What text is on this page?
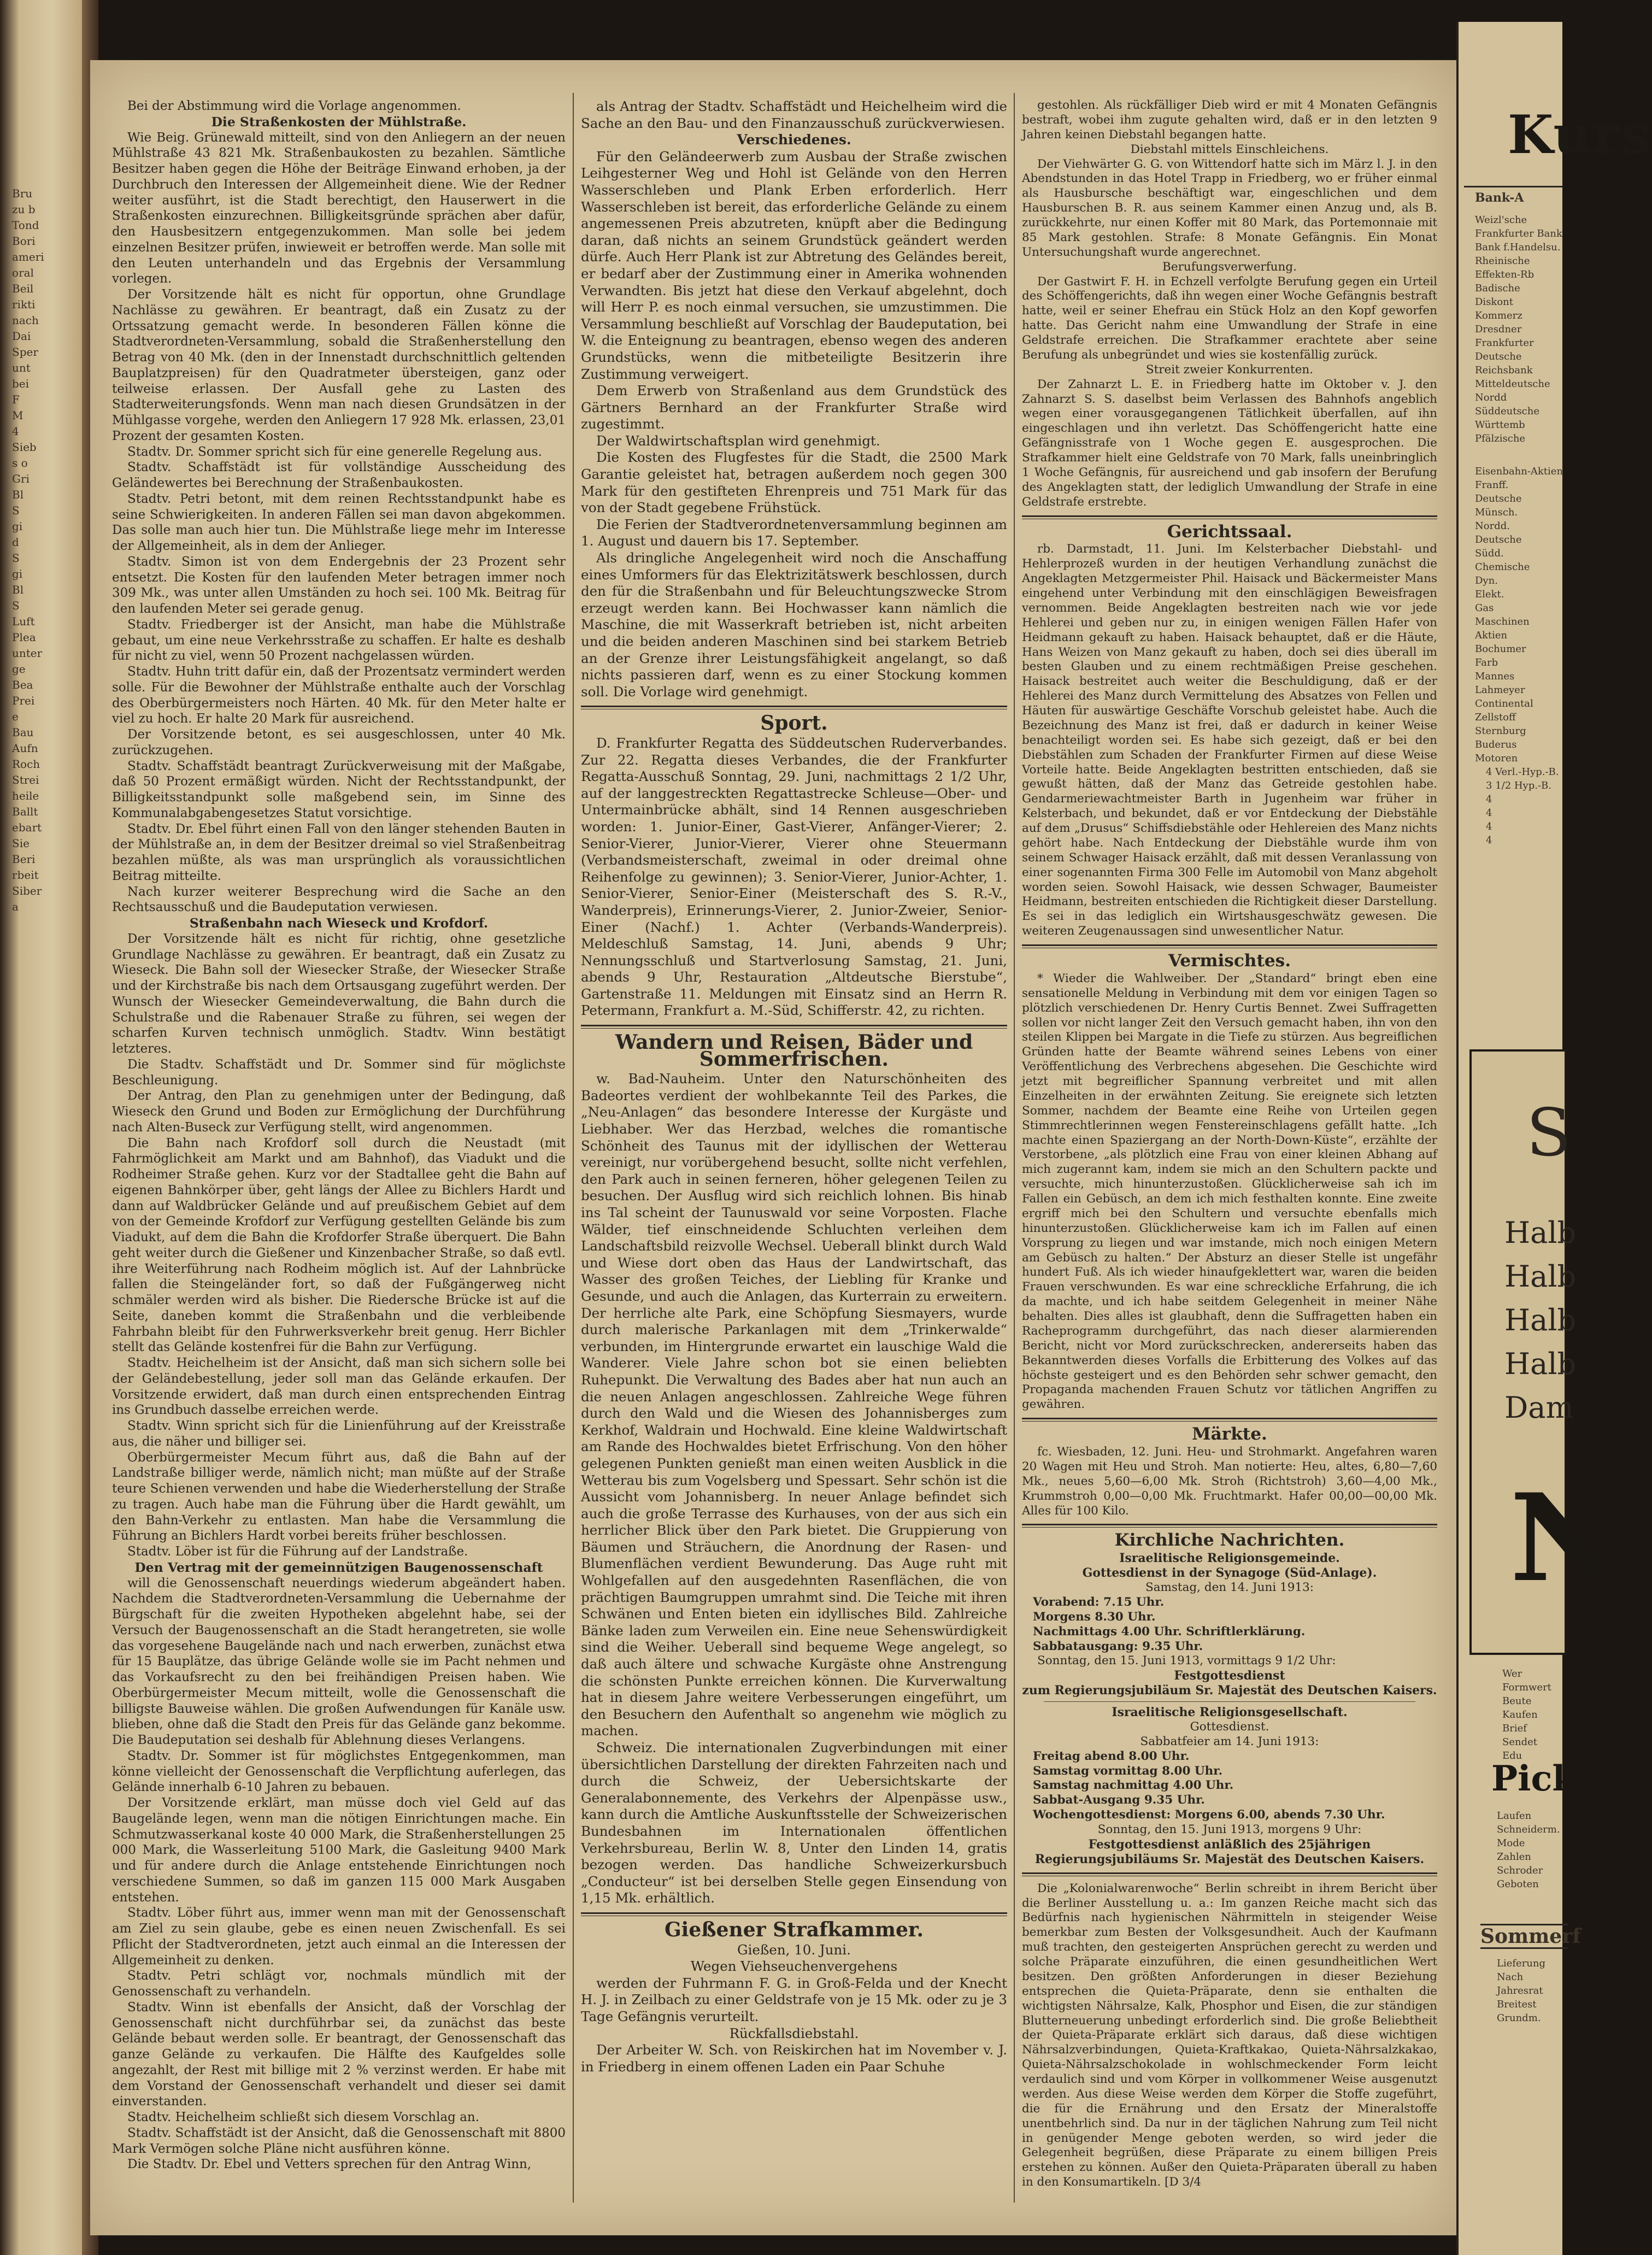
Bru
zu b
Tond
Bori
ameri
oral
Beil
rikti
nach
Dai
Sper
unt
bei
F
M
4
Sieb
s o
Gri
Bl
S
gi
d
S
gi
Bl
S
Luft
Plea
unter
ge
Bea
Prei
e
Bau
Aufn
Roch
Strei
heile
Ballt
ebart
Sie
Beri
rbeit
Siber
a

Bei der Abstimmung wird die Vorlage angenommen.

Die Straßenkosten der Mühlstraße.

Wie Beig. Grünewald mitteilt, sind von den Anliegern an der neuen Mühlstraße 43 821 Mk. Straßenbaukosten zu bezahlen. Sämtliche Besitzer haben gegen die Höhe der Beiträge Einwand erhoben, ja der Durchbruch den Interessen der Allgemeinheit diene. Wie der Redner weiter ausführt, ist die Stadt berechtigt, den Hauserwert in die Straßenkosten einzurechnen. Billigkeitsgründe sprächen aber dafür, den Hausbesitzern entgegenzukommen. Man solle bei jedem einzelnen Besitzer prüfen, inwieweit er betroffen werde. Man solle mit den Leuten unterhandeln und das Ergebnis der Versammlung vorlegen.

Der Vorsitzende hält es nicht für opportun, ohne Grundlage Nachlässe zu gewähren. Er beantragt, daß ein Zusatz zu der Ortssatzung gemacht werde. In besonderen Fällen könne die Stadtverordneten-Versammlung, sobald die Straßenherstellung den Betrag von 40 Mk. (den in der Innenstadt durchschnittlich geltenden Bauplatzpreisen) für den Quadratmeter übersteigen, ganz oder teilweise erlassen. Der Ausfall gehe zu Lasten des Stadterweiterungsfonds. Wenn man nach diesen Grundsätzen in der Mühlgasse vorgehe, werden den Anliegern 17 928 Mk. erlassen, 23,01 Prozent der gesamten Kosten.

Stadtv. Dr. Sommer spricht sich für eine generelle Regelung aus.

Stadtv. Schaffstädt ist für vollständige Ausscheidung des Geländewertes bei Berechnung der Straßenbaukosten.

Stadtv. Petri betont, mit dem reinen Rechtsstandpunkt habe es seine Schwierigkeiten. In anderen Fällen sei man davon abgekommen. Das solle man auch hier tun. Die Mühlstraße liege mehr im Interesse der Allgemeinheit, als in dem der Anlieger.

Stadtv. Simon ist von dem Endergebnis der 23 Prozent sehr entsetzt. Die Kosten für den laufenden Meter betragen immer noch 309 Mk., was unter allen Umständen zu hoch sei. 100 Mk. Beitrag für den laufenden Meter sei gerade genug.

Stadtv. Friedberger ist der Ansicht, man habe die Mühlstraße gebaut, um eine neue Verkehrsstraße zu schaffen. Er halte es deshalb für nicht zu viel, wenn 50 Prozent nachgelassen würden.

Stadtv. Huhn tritt dafür ein, daß der Prozentsatz vermindert werden solle. Für die Bewohner der Mühlstraße enthalte auch der Vorschlag des Oberbürgermeisters noch Härten. 40 Mk. für den Meter halte er viel zu hoch. Er halte 20 Mark für ausreichend.

Der Vorsitzende betont, es sei ausgeschlossen, unter 40 Mk. zurückzugehen.

Stadtv. Schaffstädt beantragt Zurückverweisung mit der Maßgabe, daß 50 Prozent ermäßigt würden. Nicht der Rechtsstandpunkt, der Billigkeitsstandpunkt solle maßgebend sein, im Sinne des Kommunalabgabengesetzes Statut vorsichtige.

Stadtv. Dr. Ebel führt einen Fall von den länger stehenden Bauten in der Mühlstraße an, in dem der Besitzer dreimal so viel Straßenbeitrag bezahlen müßte, als was man ursprünglich als voraussichtlichen Beitrag mitteilte.

Nach kurzer weiterer Besprechung wird die Sache an den Rechtsausschuß und die Baudeputation verwiesen.

Straßenbahn nach Wieseck und Krofdorf.

Der Vorsitzende hält es nicht für richtig, ohne gesetzliche Grundlage Nachlässe zu gewähren. Er beantragt, daß ein Zusatz zu Wieseck. Die Bahn soll der Wiesecker Straße, der Wiesecker Straße und der Kirchstraße bis nach dem Ortsausgang zugeführt werden. Der Wunsch der Wiesecker Gemeindeverwaltung, die Bahn durch die Schulstraße und die Rabenauer Straße zu führen, sei wegen der scharfen Kurven technisch unmöglich. Stadtv. Winn bestätigt letzteres.

Die Stadtv. Schaffstädt und Dr. Sommer sind für möglichste Beschleunigung.

Der Antrag, den Plan zu genehmigen unter der Bedingung, daß Wieseck den Grund und Boden zur Ermöglichung der Durchführung nach Alten-Buseck zur Verfügung stellt, wird angenommen.

Die Bahn nach Krofdorf soll durch die Neustadt (mit Fahrmöglichkeit am Markt und am Bahnhof), das Viadukt und die Rodheimer Straße gehen. Kurz vor der Stadtallee geht die Bahn auf eigenen Bahnkörper über, geht längs der Allee zu Bichlers Hardt und dann auf Waldbrücker Gelände und auf preußischem Gebiet auf dem von der Gemeinde Krofdorf zur Verfügung gestellten Gelände bis zum Viadukt, auf dem die Bahn die Krofdorfer Straße überquert. Die Bahn geht weiter durch die Gießener und Kinzenbacher Straße, so daß evtl. ihre Weiterführung nach Rodheim möglich ist. Auf der Lahnbrücke fallen die Steingeländer fort, so daß der Fußgängerweg nicht schmäler werden wird als bisher. Die Riedersche Brücke ist auf die Seite, daneben kommt die Straßenbahn und die verbleibende Fahrbahn bleibt für den Fuhrwerksverkehr breit genug. Herr Bichler stellt das Gelände kostenfrei für die Bahn zur Verfügung.

Stadtv. Heichelheim ist der Ansicht, daß man sich sichern solle bei der Geländebestellung, jeder soll man das Gelände erkaufen. Der Vorsitzende erwidert, daß man durch einen entsprechenden Eintrag ins Grundbuch dasselbe erreichen werde.

Stadtv. Winn spricht sich für die Linienführung auf der Kreisstraße aus, die näher und billiger sei.

Oberbürgermeister Mecum führt aus, daß die Bahn auf der Landstraße billiger werde, nämlich nicht; man müßte auf der Straße teure Schienen verwenden und habe die Wiederherstellung der Straße zu tragen. Auch habe man die Führung über die Hardt gewählt, um den Bahn-Verkehr zu entlasten. Man habe die Versammlung die Führung an Bichlers Hardt vorbei bereits früher beschlossen.

Stadtv. Löber ist für die Führung auf der Landstraße.

Den Vertrag mit der gemeinnützigen Baugenossenschaft

will die Genossenschaft neuerdings wiederum abgeändert haben. Nachdem die Stadtverordneten-Versammlung die Uebernahme der Bürgschaft für die zweiten Hypotheken abgelehnt habe, sei der Versuch der Baugenossenschaft an die Stadt herangetreten, sie wolle das vorgesehene Baugelände nach und nach erwerben, zunächst etwa für 15 Bauplätze, das übrige Gelände wolle sie im Pacht nehmen und das Vorkaufsrecht zu den bei freihändigen Preisen haben. Wie Oberbürgermeister Mecum mitteilt, wolle die Genossenschaft die billigste Bauweise wählen. Die großen Aufwendungen für Kanäle usw. blieben, ohne daß die Stadt den Preis für das Gelände ganz bekomme. Die Baudeputation sei deshalb für Ablehnung dieses Verlangens.

Stadtv. Dr. Sommer ist für möglichstes Entgegenkommen, man könne vielleicht der Genossenschaft die Verpflichtung auferlegen, das Gelände innerhalb 6-10 Jahren zu bebauen.

Der Vorsitzende erklärt, man müsse doch viel Geld auf das Baugelände legen, wenn man die nötigen Einrichtungen mache. Ein Schmutzwasserkanal koste 40 000 Mark, die Straßenherstellungen 25 000 Mark, die Wasserleitung 5100 Mark, die Gasleitung 9400 Mark und für andere durch die Anlage entstehende Einrichtungen noch verschiedene Summen, so daß im ganzen 115 000 Mark Ausgaben entstehen.

Stadtv. Löber führt aus, immer wenn man mit der Genossenschaft am Ziel zu sein glaube, gebe es einen neuen Zwischenfall. Es sei Pflicht der Stadtverordneten, jetzt auch einmal an die Interessen der Allgemeinheit zu denken.

Stadtv. Petri schlägt vor, nochmals mündlich mit der Genossenschaft zu verhandeln.

Stadtv. Winn ist ebenfalls der Ansicht, daß der Vorschlag der Genossenschaft nicht durchführbar sei, da zunächst das beste Gelände bebaut werden solle. Er beantragt, der Genossenschaft das ganze Gelände zu verkaufen. Die Hälfte des Kaufgeldes solle angezahlt, der Rest mit billige mit 2 % verzinst werden. Er habe mit dem Vorstand der Genossenschaft verhandelt und dieser sei damit einverstanden.

Stadtv. Heichelheim schließt sich diesem Vorschlag an.

Stadtv. Schaffstädt ist der Ansicht, daß die Genossenschaft mit 8800 Mark Vermögen solche Pläne nicht ausführen könne.

Die Stadtv. Dr. Ebel und Vetters sprechen für den Antrag Winn,

als Antrag der Stadtv. Schaffstädt und Heichelheim wird die Sache an den Bau- und den Finanzausschuß zurückverwiesen.

Verschiedenes.

Für den Geländeerwerb zum Ausbau der Straße zwischen Leihgesterner Weg und Hohl ist Gelände von den Herren Wasserschleben und Plank Erben erforderlich. Herr Wasserschleben ist bereit, das erforderliche Gelände zu einem angemessenen Preis abzutreten, knüpft aber die Bedingung daran, daß nichts an seinem Grundstück geändert werden dürfe. Auch Herr Plank ist zur Abtretung des Geländes bereit, er bedarf aber der Zustimmung einer in Amerika wohnenden Verwandten. Bis jetzt hat diese den Verkauf abgelehnt, doch will Herr P. es noch einmal versuchen, sie umzustimmen. Die Versammlung beschließt auf Vorschlag der Baudeputation, bei W. die Enteignung zu beantragen, ebenso wegen des anderen Grundstücks, wenn die mitbeteiligte Besitzerin ihre Zustimmung verweigert.

Dem Erwerb von Straßenland aus dem Grundstück des Gärtners Bernhard an der Frankfurter Straße wird zugestimmt.

Der Waldwirtschaftsplan wird genehmigt.

Die Kosten des Flugfestes für die Stadt, die 2500 Mark Garantie geleistet hat, betragen außerdem noch gegen 300 Mark für den gestifteten Ehrenpreis und 751 Mark für das von der Stadt gegebene Frühstück.

Die Ferien der Stadtverordnetenversammlung beginnen am 1. August und dauern bis 17. September.

Als dringliche Angelegenheit wird noch die Anschaffung eines Umformers für das Elektrizitätswerk beschlossen, durch den für die Straßenbahn und für Beleuchtungszwecke Strom erzeugt werden kann. Bei Hochwasser kann nämlich die Maschine, die mit Wasserkraft betrieben ist, nicht arbeiten und die beiden anderen Maschinen sind bei starkem Betrieb an der Grenze ihrer Leistungsfähigkeit angelangt, so daß nichts passieren darf, wenn es zu einer Stockung kommen soll. Die Vorlage wird genehmigt.

Sport.

D. Frankfurter Regatta des Süddeutschen Ruderverbandes. Zur 22. Regatta dieses Verbandes, die der Frankfurter Regatta-Ausschuß Sonntag, 29. Juni, nachmittags 2 1/2 Uhr, auf der langgestreckten Regattastrecke Schleuse—Ober- und Untermainbrücke abhält, sind 14 Rennen ausgeschrieben worden: 1. Junior-Einer, Gast-Vierer, Anfänger-Vierer; 2. Senior-Vierer, Junior-Vierer, Vierer ohne Steuermann (Verbandsmeisterschaft, zweimal in oder dreimal ohne Reihenfolge zu gewinnen); 3. Senior-Vierer, Junior-Achter, 1. Senior-Vierer, Senior-Einer (Meisterschaft des S. R.-V., Wanderpreis), Erinnerungs-Vierer, 2. Junior-Zweier, Senior-Einer (Nachf.) 1. Achter (Verbands-Wanderpreis). Meldeschluß Samstag, 14. Juni, abends 9 Uhr; Nennungsschluß und Startverlosung Samstag, 21. Juni, abends 9 Uhr, Restauration „Altdeutsche Bierstube“, Gartenstraße 11. Meldungen mit Einsatz sind an Herrn R. Petermann, Frankfurt a. M.-Süd, Schifferstr. 42, zu richten.

Wandern und Reisen, Bäder und Sommerfrischen.

w. Bad-Nauheim. Unter den Naturschönheiten des Badeortes verdient der wohlbekannte Teil des Parkes, die „Neu-Anlagen“ das besondere Interesse der Kurgäste und Liebhaber. Wer das Herzbad, welches die romantische Schönheit des Taunus mit der idyllischen der Wetterau vereinigt, nur vorübergehend besucht, sollte nicht verfehlen, den Park auch in seinen ferneren, höher gelegenen Teilen zu besuchen. Der Ausflug wird sich reichlich lohnen. Bis hinab ins Tal scheint der Taunuswald vor seine Vorposten. Flache Wälder, tief einschneidende Schluchten verleihen dem Landschaftsbild reizvolle Wechsel. Ueberall blinkt durch Wald und Wiese dort oben das Haus der Landwirtschaft, das Wasser des großen Teiches, der Liebling für Kranke und Gesunde, und auch die Anlagen, das Kurterrain zu erweitern. Der herrliche alte Park, eine Schöpfung Siesmayers, wurde durch malerische Parkanlagen mit dem „Trinkerwalde“ verbunden, im Hintergrunde erwartet ein lauschige Wald die Wanderer. Viele Jahre schon bot sie einen beliebten Ruhepunkt. Die Verwaltung des Bades aber hat nun auch an die neuen Anlagen angeschlossen. Zahlreiche Wege führen durch den Wald und die Wiesen des Johannisberges zum Kerkhof, Waldrain und Hochwald. Eine kleine Waldwirtschaft am Rande des Hochwaldes bietet Erfrischung. Von den höher gelegenen Punkten genießt man einen weiten Ausblick in die Wetterau bis zum Vogelsberg und Spessart. Sehr schön ist die Aussicht vom Johannisberg. In neuer Anlage befindet sich auch die große Terrasse des Kurhauses, von der aus sich ein herrlicher Blick über den Park bietet. Die Gruppierung von Bäumen und Sträuchern, die Anordnung der Rasen- und Blumenflächen verdient Bewunderung. Das Auge ruht mit Wohlgefallen auf den ausgedehnten Rasenflächen, die von prächtigen Baumgruppen umrahmt sind. Die Teiche mit ihren Schwänen und Enten bieten ein idyllisches Bild. Zahlreiche Bänke laden zum Verweilen ein. Eine neue Sehenswürdigkeit sind die Weiher. Ueberall sind bequeme Wege angelegt, so daß auch ältere und schwache Kurgäste ohne Anstrengung die schönsten Punkte erreichen können. Die Kurverwaltung hat in diesem Jahre weitere Verbesserungen eingeführt, um den Besuchern den Aufenthalt so angenehm wie möglich zu machen.

Schweiz. Die internationalen Zugverbindungen mit einer übersichtlichen Darstellung der direkten Fahrzeiten nach und durch die Schweiz, der Uebersichtskarte der Generalabonnemente, des Verkehrs der Alpenpässe usw., kann durch die Amtliche Auskunftsstelle der Schweizerischen Bundesbahnen im Internationalen öffentlichen Verkehrsbureau, Berlin W. 8, Unter den Linden 14, gratis bezogen werden. Das handliche Schweizerkursbuch „Conducteur“ ist bei derselben Stelle gegen Einsendung von 1,15 Mk. erhältlich.

Gießener Strafkammer.

Gießen, 10. Juni.

Wegen Viehseuchenvergehens

werden der Fuhrmann F. G. in Groß-Felda und der Knecht H. J. in Zeilbach zu einer Geldstrafe von je 15 Mk. oder zu je 3 Tage Gefängnis verurteilt.

Rückfallsdiebstahl.

Der Arbeiter W. Sch. von Reiskirchen hat im November v. J. in Friedberg in einem offenen Laden ein Paar Schuhe

gestohlen. Als rückfälliger Dieb wird er mit 4 Monaten Gefängnis bestraft, wobei ihm zugute gehalten wird, daß er in den letzten 9 Jahren keinen Diebstahl begangen hatte.

Diebstahl mittels Einschleichens.

Der Viehwärter G. G. von Wittendorf hatte sich im März l. J. in den Abendstunden in das Hotel Trapp in Friedberg, wo er früher einmal als Hausbursche beschäftigt war, eingeschlichen und dem Hausburschen B. R. aus seinem Kammer einen Anzug und, als B. zurückkehrte, nur einen Koffer mit 80 Mark, das Portemonnaie mit 85 Mark gestohlen. Strafe: 8 Monate Gefängnis. Ein Monat Untersuchungshaft wurde angerechnet.

Berufungsverwerfung.

Der Gastwirt F. H. in Echzell verfolgte Berufung gegen ein Urteil des Schöffengerichts, daß ihn wegen einer Woche Gefängnis bestraft hatte, weil er seiner Ehefrau ein Stück Holz an den Kopf geworfen hatte. Das Gericht nahm eine Umwandlung der Strafe in eine Geldstrafe erreichen. Die Strafkammer erachtete aber seine Berufung als unbegründet und wies sie kostenfällig zurück.

Streit zweier Konkurrenten.

Der Zahnarzt L. E. in Friedberg hatte im Oktober v. J. den Zahnarzt S. S. daselbst beim Verlassen des Bahnhofs angeblich wegen einer vorausgegangenen Tätlichkeit überfallen, auf ihn eingeschlagen und ihn verletzt. Das Schöffengericht hatte eine Gefängnisstrafe von 1 Woche gegen E. ausgesprochen. Die Strafkammer hielt eine Geldstrafe von 70 Mark, falls uneinbringlich 1 Woche Gefängnis, für ausreichend und gab insofern der Berufung des Angeklagten statt, der lediglich Umwandlung der Strafe in eine Geldstrafe erstrebte.

Gerichtssaal.

rb. Darmstadt, 11. Juni. Im Kelsterbacher Diebstahl- und Hehlerprozeß wurden in der heutigen Verhandlung zunächst die Angeklagten Metzgermeister Phil. Haisack und Bäckermeister Mans eingehend unter Verbindung mit den einschlägigen Beweisfragen vernommen. Beide Angeklagten bestreiten nach wie vor jede Hehlerei und geben nur zu, in einigen wenigen Fällen Hafer von Heidmann gekauft zu haben. Haisack behauptet, daß er die Häute, Hans Weizen von Manz gekauft zu haben, doch sei dies überall im besten Glauben und zu einem rechtmäßigen Preise geschehen. Haisack bestreitet auch weiter die Beschuldigung, daß er der Hehlerei des Manz durch Vermittelung des Absatzes von Fellen und Häuten für auswärtige Geschäfte Vorschub geleistet habe. Auch die Bezeichnung des Manz ist frei, daß er dadurch in keiner Weise benachteiligt worden sei. Es habe sich gezeigt, daß er bei den Diebstählen zum Schaden der Frankfurter Firmen auf diese Weise Vorteile hatte. Beide Angeklagten bestritten entschieden, daß sie gewußt hätten, daß der Manz das Getreide gestohlen habe. Gendarmeriewachtmeister Barth in Jugenheim war früher in Kelsterbach, und bekundet, daß er vor Entdeckung der Diebstähle auf dem „Drusus“ Schiffsdiebstähle oder Hehlereien des Manz nichts gehört habe. Nach Entdeckung der Diebstähle wurde ihm von seinem Schwager Haisack erzählt, daß mit dessen Veranlassung von einer sogenannten Firma 300 Felle im Automobil von Manz abgeholt worden seien. Sowohl Haisack, wie dessen Schwager, Baumeister Heidmann, bestreiten entschieden die Richtigkeit dieser Darstellung. Es sei in das lediglich ein Wirtshausgeschwätz gewesen. Die weiteren Zeugenaussagen sind unwesentlicher Natur.

Vermischtes.

* Wieder die Wahlweiber. Der „Standard“ bringt eben eine sensationelle Meldung in Verbindung mit dem vor einigen Tagen so plötzlich verschiedenen Dr. Henry Curtis Bennet. Zwei Suffragetten sollen vor nicht langer Zeit den Versuch gemacht haben, ihn von den steilen Klippen bei Margate in die Tiefe zu stürzen. Aus begreiflichen Gründen hatte der Beamte während seines Lebens von einer Veröffentlichung des Verbrechens abgesehen. Die Geschichte wird jetzt mit begreiflicher Spannung verbreitet und mit allen Einzelheiten in der erwähnten Zeitung. Sie ereignete sich letzten Sommer, nachdem der Beamte eine Reihe von Urteilen gegen Stimmrechtlerinnen wegen Fenstereinschlagens gefällt hatte. „Ich machte einen Spaziergang an der North-Down-Küste“, erzählte der Verstorbene, „als plötzlich eine Frau von einer kleinen Abhang auf mich zugerannt kam, indem sie mich an den Schultern packte und versuchte, mich hinunterzustoßen. Glücklicherweise sah ich im Fallen ein Gebüsch, an dem ich mich festhalten konnte. Eine zweite ergriff mich bei den Schultern und versuchte ebenfalls mich hinunterzustoßen. Glücklicherweise kam ich im Fallen auf einen Vorsprung zu liegen und war imstande, mich noch einigen Metern am Gebüsch zu halten.“ Der Absturz an dieser Stelle ist ungefähr hundert Fuß. Als ich wieder hinaufgeklettert war, waren die beiden Frauen verschwunden. Es war eine schreckliche Erfahrung, die ich da machte, und ich habe seitdem Gelegenheit in meiner Nähe behalten. Dies alles ist glaubhaft, denn die Suffragetten haben ein Racheprogramm durchgeführt, das nach dieser alarmierenden Bericht, nicht vor Mord zurückschrecken, andererseits haben das Bekanntwerden dieses Vorfalls die Erbitterung des Volkes auf das höchste gesteigert und es den Behörden sehr schwer gemacht, den Propaganda machenden Frauen Schutz vor tätlichen Angriffen zu gewähren.

Märkte.

fc. Wiesbaden, 12. Juni. Heu- und Strohmarkt. Angefahren waren 20 Wagen mit Heu und Stroh. Man notierte: Heu, altes, 6,80—7,60 Mk., neues 5,60—6,00 Mk. Stroh (Richtstroh) 3,60—4,00 Mk., Krummstroh 0,00—0,00 Mk. Fruchtmarkt. Hafer 00,00—00,00 Mk. Alles für 100 Kilo.

Kirchliche Nachrichten.

Israelitische Religionsgemeinde.

Gottesdienst in der Synagoge (Süd-Anlage).

Samstag, den 14. Juni 1913:

Vorabend: 7.15 Uhr.

Morgens 8.30 Uhr.

Nachmittags 4.00 Uhr. Schriftlerklärung.

Sabbatausgang: 9.35 Uhr.

Sonntag, den 15. Juni 1913, vormittags 9 1/2 Uhr:

Festgottesdienst

zum Regierungsjubiläum Sr. Majestät des Deutschen Kaisers.

Israelitische Religionsgesellschaft.

Gottesdienst.

Sabbatfeier am 14. Juni 1913:

Freitag abend 8.00 Uhr.

Samstag vormittag 8.00 Uhr.

Samstag nachmittag 4.00 Uhr.

Sabbat-Ausgang 9.35 Uhr.

Wochengottesdienst: Morgens 6.00, abends 7.30 Uhr.

Sonntag, den 15. Juni 1913, morgens 9 Uhr:

Festgottesdienst anläßlich des 25jährigen Regierungsjubiläums Sr. Majestät des Deutschen Kaisers.

Die „Kolonialwarenwoche“ Berlin schreibt in ihrem Bericht über die Berliner Ausstellung u. a.: Im ganzen Reiche macht sich das Bedürfnis nach hygienischen Nährmitteln in steigender Weise bemerkbar zum Besten der Volksgesundheit. Auch der Kaufmann muß trachten, den gesteigerten Ansprüchen gerecht zu werden und solche Präparate einzuführen, die einen gesundheitlichen Wert besitzen. Den größten Anforderungen in dieser Beziehung entsprechen die Quieta-Präparate, denn sie enthalten die wichtigsten Nährsalze, Kalk, Phosphor und Eisen, die zur ständigen Blutterneuerung unbedingt erforderlich sind. Die große Beliebtheit der Quieta-Präparate erklärt sich daraus, daß diese wichtigen Nährsalzverbindungen, Quieta-Kraftkakao, Quieta-Nährsalzkakao, Quieta-Nährsalzschokolade in wohlschmeckender Form leicht verdaulich sind und vom Körper in vollkommener Weise ausgenutzt werden. Aus diese Weise werden dem Körper die Stoffe zugeführt, die für die Ernährung und den Ersatz der Mineralstoffe unentbehrlich sind. Da nur in der täglichen Nahrung zum Teil nicht in genügender Menge geboten werden, so wird jeder die Gelegenheit begrüßen, diese Präparate zu einem billigen Preis erstehen zu können. Außer den Quieta-Präparaten überall zu haben in den Konsumartikeln. [D 3/4

Kurs
Bank-A
Weizl'sche
Frankfurter Bank
Bank f.Handelsu.
Rheinische
Effekten-Rb
Badische
Diskont
Kommerz
Dresdner
Frankfurter
Deutsche
Reichsbank
Mitteldeutsche
Nordd
Süddeutsche
Württemb
Pfälzische
Eisenbahn-Aktien
Franff.
Deutsche
Münsch.
Nordd.
Deutsche
Südd.
Chemische
Dyn.
Elekt.
Gas
Maschinen
Aktien
Bochumer
Farb
Mannes
Lahmeyer
Continental
Zellstoff
Sternburg
Buderus
Motoren
4 Verl.-Hyp.-B.
3 1/2 Hyp.-B.
4
4
4
4
S
Halb
Halb
Halb
Halb
Dam
N
Wer
Formwert
Beute
Kaufen
Brief
Sendet
Edu
Picke
Laufen
Schneiderm.
Mode
Zahlen
Schroder
Geboten
Sommerf
Lieferung
Nach
Jahresrat
Breitest
Grundm.
